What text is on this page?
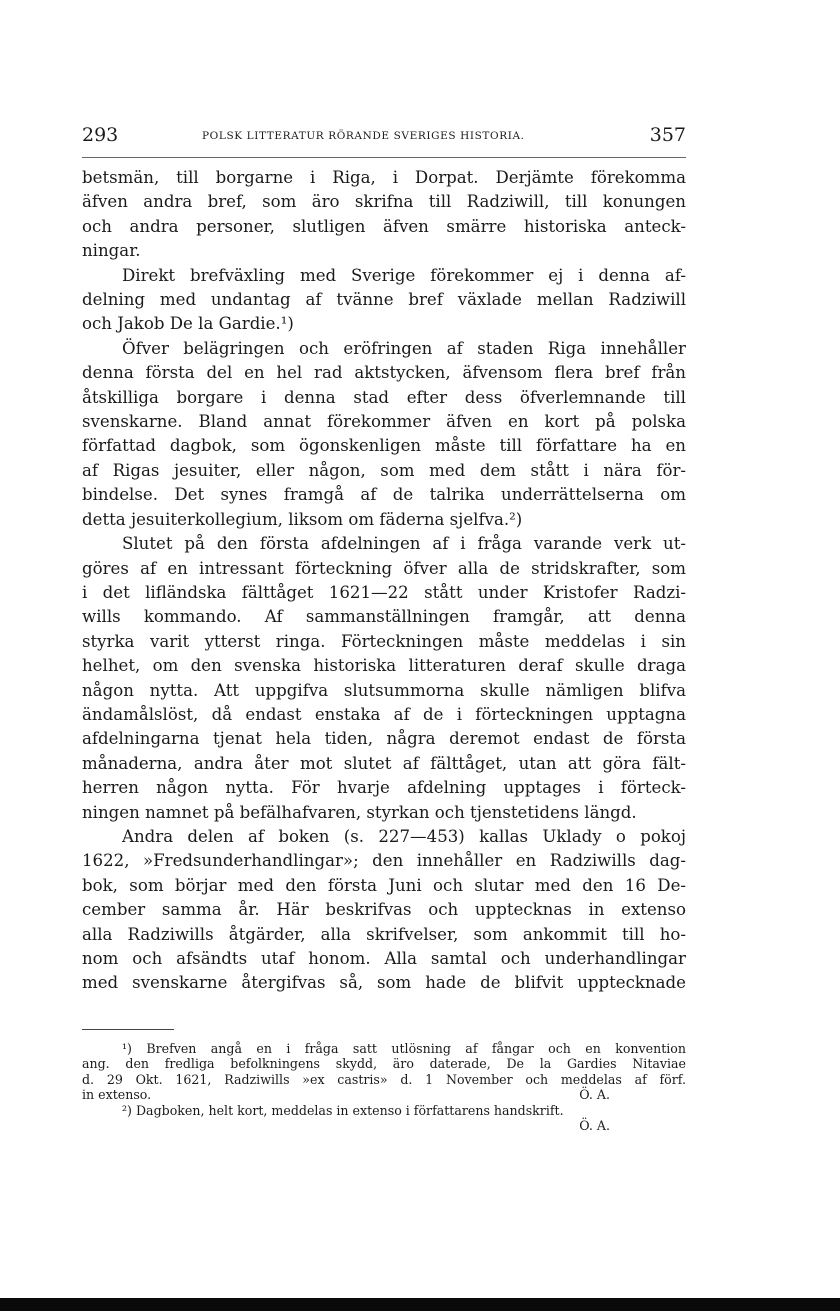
293	POLSK LITTERATUR RÖRANDE SVERIGES HISTORIA.	357
betsmän, till borgarne i Riga, i Dorpat. Derjämte förekomma
äfven andra bref, som äro skrifna till Radziwill, till konungen
och andra personer, slutligen äfven smärre historiska anteck-
ningar.
Direkt brefväxling med Sverige förekommer ej i denna af-
delning med undantag af tvänne bref växlade mellan Radziwill
och Jakob De la Gardie.¹)
Öfver belägringen och eröfringen af staden Riga innehåller
denna första del en hel rad aktstycken, äfvensom flera bref från
åtskilliga borgare i denna stad efter dess öfverlemnande till
svenskarne. Bland annat förekommer äfven en kort på polska
författad dagbok, som ögonskenligen måste till författare ha en
af Rigas jesuiter, eller någon, som med dem stått i nära för-
bindelse. Det synes framgå af de talrika underrättelserna om
detta jesuiterkollegium, liksom om fäderna sjelfva.²)
Slutet på den första afdelningen af i fråga varande verk ut-
göres af en intressant förteckning öfver alla de stridskrafter, som
i det lifländska fälttåget 1621—22 stått under Kristofer Radzi-
wills kommando. Af sammanställningen framgår, att denna
styrka varit ytterst ringa. Förteckningen måste meddelas i sin
helhet, om den svenska historiska litteraturen deraf skulle draga
någon nytta. Att uppgifva slutsummorna skulle nämligen blifva
ändamålslöst, då endast enstaka af de i förteckningen upptagna
afdelningarna tjenat hela tiden, några deremot endast de första
månaderna, andra åter mot slutet af fälttåget, utan att göra fält-
herren någon nytta. För hvarje afdelning upptages i förteck-
ningen namnet på befälhafvaren, styrkan och tjenstetidens längd.
Andra delen af boken (s. 227—453) kallas Uklady o pokoj
1622, »Fredsunderhandlingar»; den innehåller en Radziwills dag-
bok, som börjar med den första Juni och slutar med den 16 De-
cember samma år. Här beskrifvas och upptecknas in extenso
alla Radziwills åtgärder, alla skrifvelser, som ankommit till ho-
nom och afsändts utaf honom. Alla samtal och underhandlingar
med svenskarne återgifvas så, som hade de blifvit upptecknade
¹) Brefven angå en i fråga satt utlösning af fångar och en konvention
ang. den fredliga befolkningens skydd, äro daterade, De la Gardies Nitaviae
d. 29 Okt. 1621, Radziwills »ex castris» d. 1 November och meddelas af förf.
in extenso.	Ö. A.
²) Dagboken, helt kort, meddelas in extenso i författarens handskrift.
Ö. A.
